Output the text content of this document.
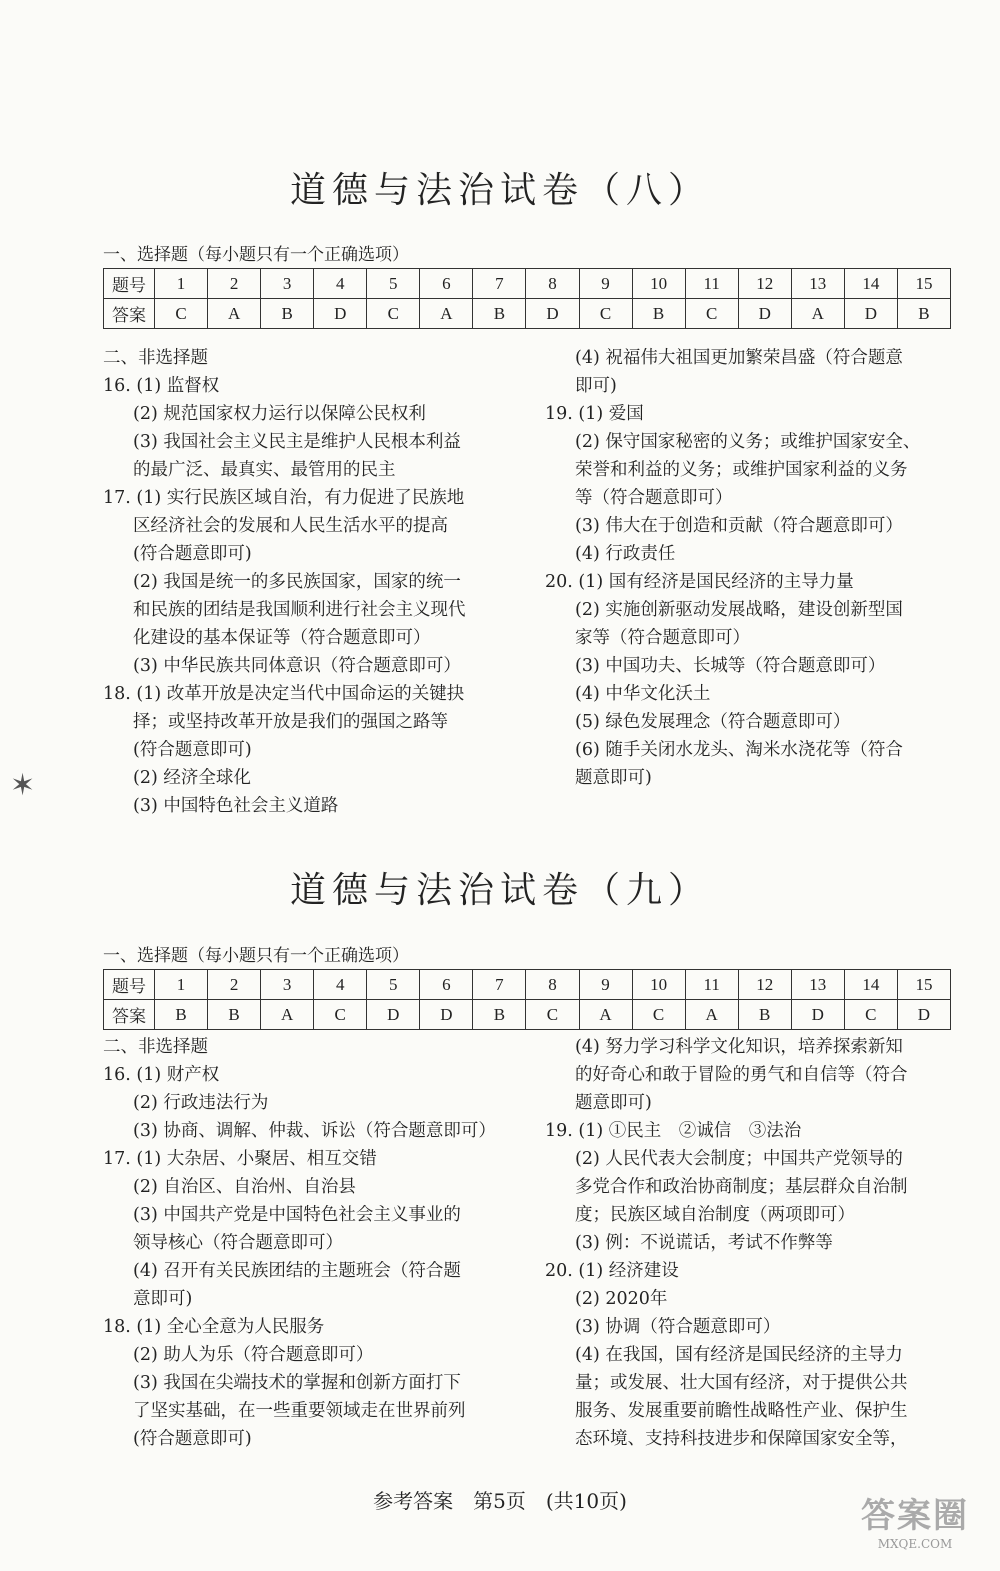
✶
道德与法治试卷（八）
一、选择题（每小题只有一个正确选项）
题号	1	2	3	4	5	6	7	8	9	10	11	12	13	14	15
答案	C	A	B	D	C	A	B	D	C	B	C	D	A	D	B
二、非选择题
16. (1) 监督权
(2) 规范国家权力运行以保障公民权利
(3) 我国社会主义民主是维护人民根本利益
的最广泛、最真实、最管用的民主
17. (1) 实行民族区域自治，有力促进了民族地
区经济社会的发展和人民生活水平的提高
(符合题意即可)
(2) 我国是统一的多民族国家，国家的统一
和民族的团结是我国顺利进行社会主义现代
化建设的基本保证等（符合题意即可）
(3) 中华民族共同体意识（符合题意即可）
18. (1) 改革开放是决定当代中国命运的关键抉
择；或坚持改革开放是我们的强国之路等
(符合题意即可)
(2) 经济全球化
(3) 中国特色社会主义道路
(4) 祝福伟大祖国更加繁荣昌盛（符合题意
即可)
19. (1) 爱国
(2) 保守国家秘密的义务；或维护国家安全、
荣誉和利益的义务；或维护国家利益的义务
等（符合题意即可）
(3) 伟大在于创造和贡献（符合题意即可）
(4) 行政责任
20. (1) 国有经济是国民经济的主导力量
(2) 实施创新驱动发展战略，建设创新型国
家等（符合题意即可）
(3) 中国功夫、长城等（符合题意即可）
(4) 中华文化沃土
(5) 绿色发展理念（符合题意即可）
(6) 随手关闭水龙头、淘米水浇花等（符合
题意即可)
道德与法治试卷（九）
一、选择题（每小题只有一个正确选项）
题号	1	2	3	4	5	6	7	8	9	10	11	12	13	14	15
答案	B	B	A	C	D	D	B	C	A	C	A	B	D	C	D
二、非选择题
16. (1) 财产权
(2) 行政违法行为
(3) 协商、调解、仲裁、诉讼（符合题意即可）
17. (1) 大杂居、小聚居、相互交错
(2) 自治区、自治州、自治县
(3) 中国共产党是中国特色社会主义事业的
领导核心（符合题意即可）
(4) 召开有关民族团结的主题班会（符合题
意即可)
18. (1) 全心全意为人民服务
(2) 助人为乐（符合题意即可）
(3) 我国在尖端技术的掌握和创新方面打下
了坚实基础，在一些重要领域走在世界前列
(符合题意即可)
(4) 努力学习科学文化知识，培养探索新知
的好奇心和敢于冒险的勇气和自信等（符合
题意即可)
19. (1) ①民主　②诚信　③法治
(2) 人民代表大会制度；中国共产党领导的
多党合作和政治协商制度；基层群众自治制
度；民族区域自治制度（两项即可）
(3) 例：不说谎话，考试不作弊等
20. (1) 经济建设
(2) 2020年
(3) 协调（符合题意即可）
(4) 在我国，国有经济是国民经济的主导力
量；或发展、壮大国有经济，对于提供公共
服务、发展重要前瞻性战略性产业、保护生
态环境、支持科技进步和保障国家安全等，
参考答案　第5页　(共10页)	答案圈
MXQE.COM
